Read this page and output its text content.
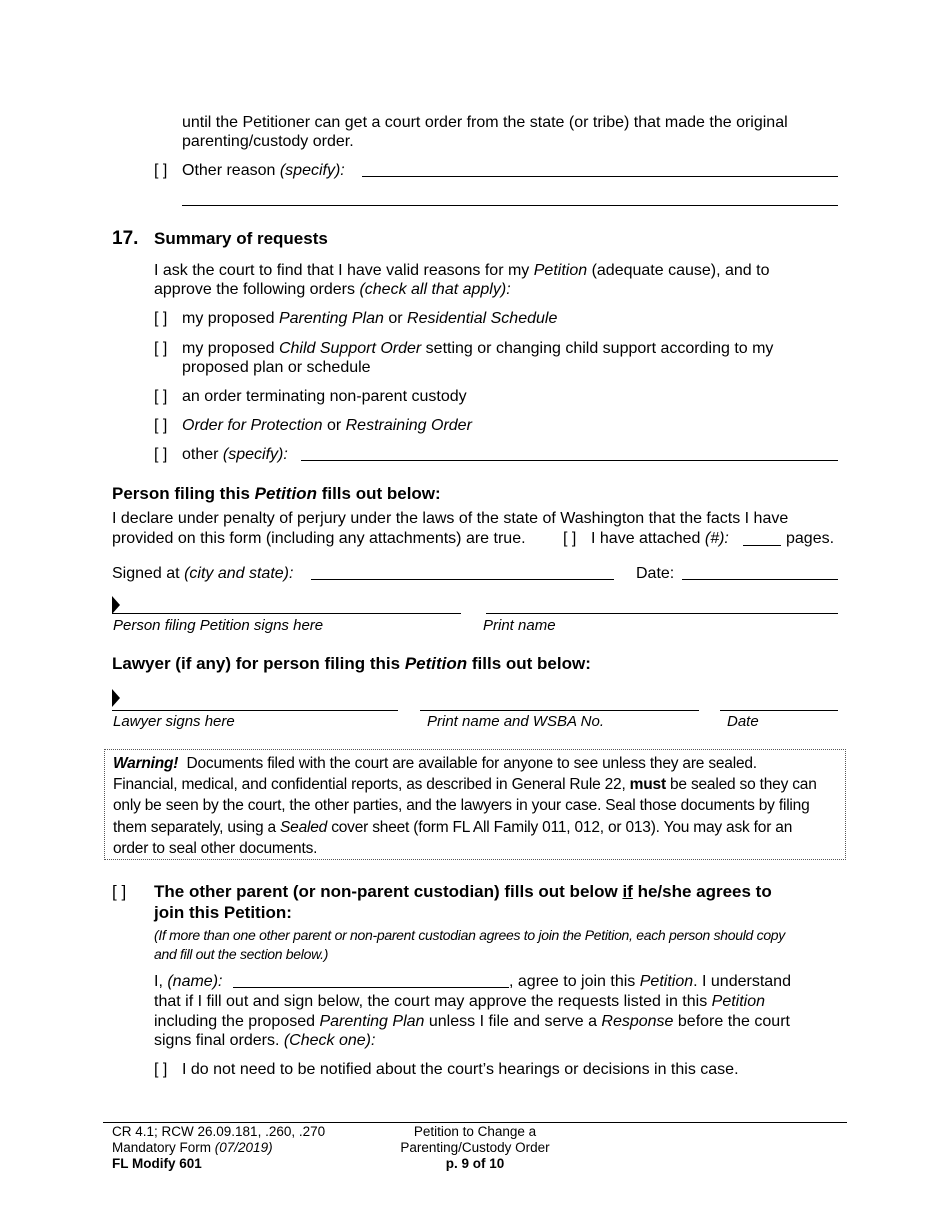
until the Petitioner can get a court order from the state (or tribe) that made the original
parenting/custody order.
[ ] Other reason (specify):
17. Summary of requests
I ask the court to find that I have valid reasons for my Petition (adequate cause), and to
approve the following orders (check all that apply):
[ ] my proposed Parenting Plan or Residential Schedule
[ ] my proposed Child Support Order setting or changing child support according to my
proposed plan or schedule
[ ] an order terminating non-parent custody
[ ] Order for Protection or Restraining Order
[ ] other (specify):
Person filing this Petition fills out below:
I declare under penalty of perjury under the laws of the state of Washington that the facts I have
provided on this form (including any attachments) are true. [ ] I have attached (#):	pages.
Signed at (city and state):	Date:
Person filing Petition signs here	Print name
Lawyer (if any) for person filing this Petition fills out below:
Lawyer signs here	Print name and WSBA No.	Date
Warning! Documents filed with the court are available for anyone to see unless they are sealed.
Financial, medical, and confidential reports, as described in General Rule 22, must be sealed so they can
only be seen by the court, the other parties, and the lawyers in your case. Seal those documents by filing
them separately, using a Sealed cover sheet (form FL All Family 011, 012, or 013). You may ask for an
order to seal other documents.
[ ] The other parent (or non-parent custodian) fills out below if he/she agrees to
join this Petition:
(If more than one other parent or non-parent custodian agrees to join the Petition, each person should copy
and fill out the section below.)
I, (name):	, agree to join this Petition. I understand
that if I fill out and sign below, the court may approve the requests listed in this Petition
including the proposed Parenting Plan unless I file and serve a Response before the court
signs final orders. (Check one):
[ ] I do not need to be notified about the court’s hearings or decisions in this case.
CR 4.1; RCW 26.09.181, .260, .270
Mandatory Form (07/2019)
FL Modify 601
Petition to Change a
Parenting/Custody Order
p. 9 of 10
